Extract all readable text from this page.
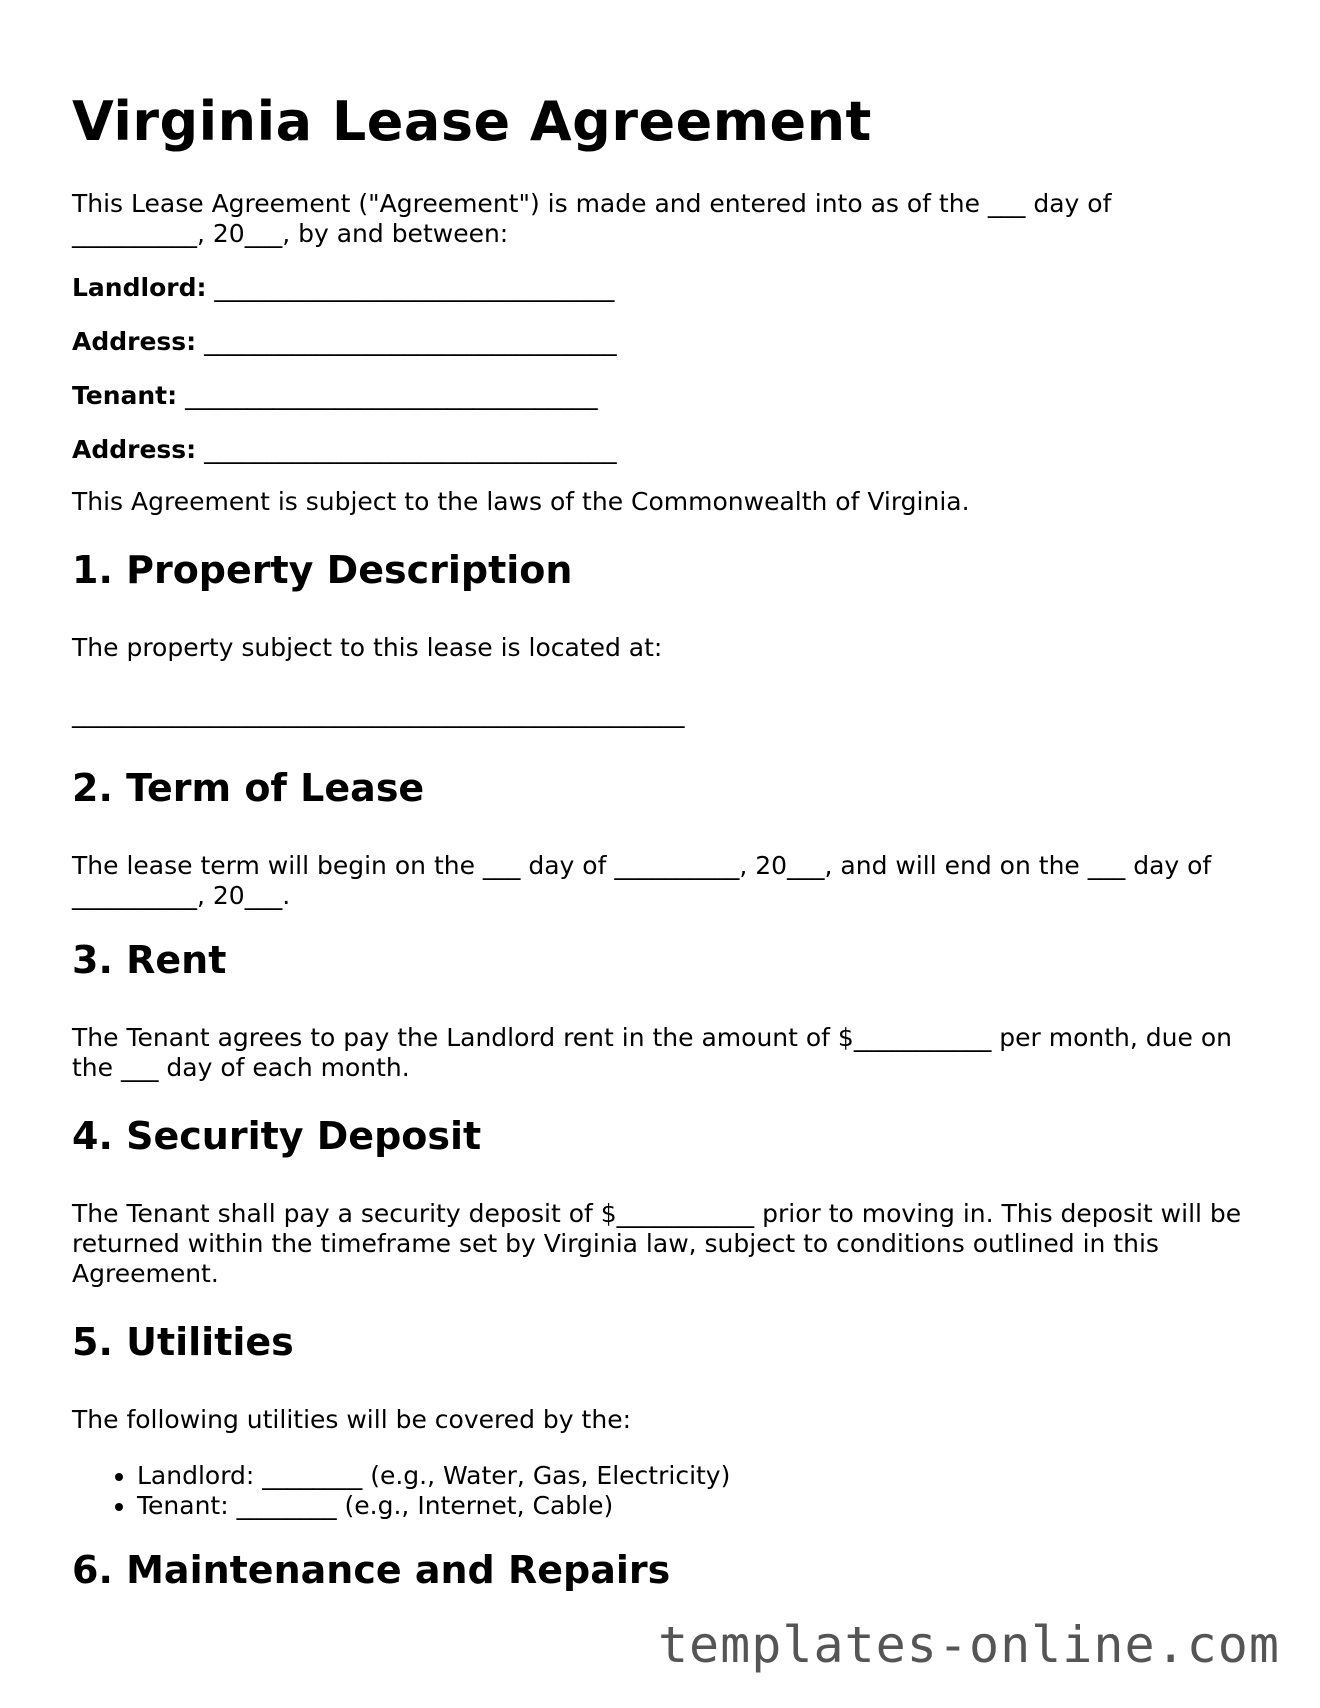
Virginia Lease Agreement

This Lease Agreement ("Agreement") is made and entered into as of the ___ day of __________, 20___, by and between:

Landlord: ________________________________
Address: _________________________________
Tenant: _________________________________
Address: _________________________________

This Agreement is subject to the laws of the Commonwealth of Virginia.

1. Property Description

The property subject to this lease is located at:

_________________________________________________

2. Term of Lease

The lease term will begin on the ___ day of __________, 20___, and will end on the ___ day of __________, 20___.

3. Rent

The Tenant agrees to pay the Landlord rent in the amount of $___________ per month, due on the ___ day of each month.

4. Security Deposit

The Tenant shall pay a security deposit of $___________ prior to moving in. This deposit will be returned within the timeframe set by Virginia law, subject to conditions outlined in this Agreement.

5. Utilities

The following utilities will be covered by the:

• Landlord: ________ (e.g., Water, Gas, Electricity)
• Tenant: ________ (e.g., Internet, Cable)
6. Maintenance and Repairs
templates-online.com
